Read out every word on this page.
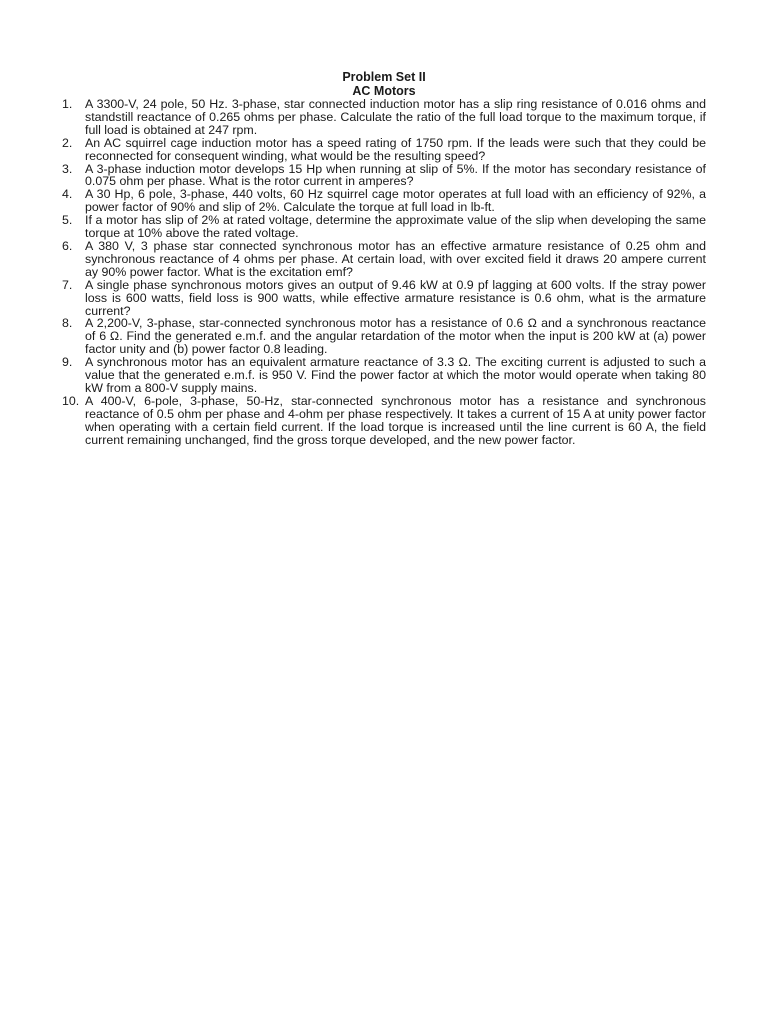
Problem Set II
AC Motors
1.	A 3300-V, 24 pole, 50 Hz. 3-phase, star connected induction motor has a slip ring resistance of 0.016 ohms and standstill reactance of 0.265 ohms per phase. Calculate the ratio of the full load torque to the maximum torque, if full load is obtained at 247 rpm.
2.	An AC squirrel cage induction motor has a speed rating of 1750 rpm. If the leads were such that they could be reconnected for consequent winding, what would be the resulting speed?
3.	A 3-phase induction motor develops 15 Hp when running at slip of 5%. If the motor has secondary resistance of 0.075 ohm per phase. What is the rotor current in amperes?
4.	A 30 Hp, 6 pole, 3-phase, 440 volts, 60 Hz squirrel cage motor operates at full load with an efficiency of 92%, a power factor of 90% and slip of 2%. Calculate the torque at full load in lb-ft.
5.	If a motor has slip of 2% at rated voltage, determine the approximate value of the slip when developing the same torque at 10% above the rated voltage.
6.	A 380 V, 3 phase star connected synchronous motor has an effective armature resistance of 0.25 ohm and synchronous reactance of 4 ohms per phase. At certain load, with over excited field it draws 20 ampere current ay 90% power factor. What is the excitation emf?
7.	A single phase synchronous motors gives an output of 9.46 kW at 0.9 pf lagging at 600 volts. If the stray power loss is 600 watts, field loss is 900 watts, while effective armature resistance is 0.6 ohm, what is the armature current?
8.	A 2,200-V, 3-phase, star-connected synchronous motor has a resistance of 0.6 Ω and a synchronous reactance of 6 Ω. Find the generated e.m.f. and the angular retardation of the motor when the input is 200 kW at (a) power factor unity and (b) power factor 0.8 leading.
9.	A synchronous motor has an equivalent armature reactance of 3.3 Ω. The exciting current is adjusted to such a value that the generated e.m.f. is 950 V. Find the power factor at which the motor would operate when taking 80 kW from a 800-V supply mains.
10. A 400-V, 6-pole, 3-phase, 50-Hz, star-connected synchronous motor has a resistance and synchronous reactance of 0.5 ohm per phase and 4-ohm per phase respectively. It takes a current of 15 A at unity power factor when operating with a certain field current. If the load torque is increased until the line current is 60 A, the field current remaining unchanged, find the gross torque developed, and the new power factor.
